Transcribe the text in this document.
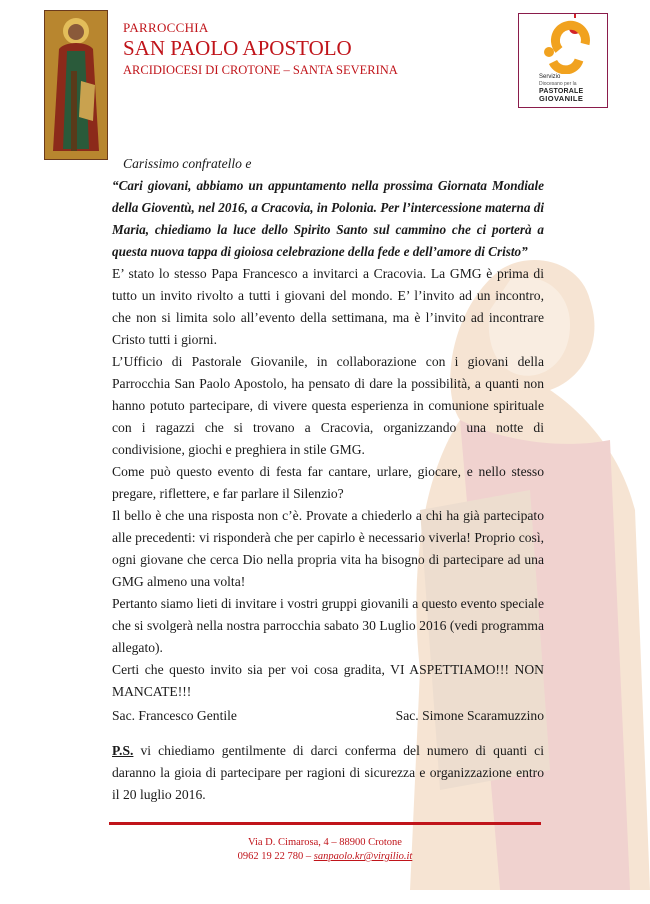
PARROCCHIA
SAN PAOLO APOSTOLO
ARCIDIOCESI DI CROTONE – SANTA SEVERINA	Servizio
Diocesano per la
PASTORALE
GIOVANILE
Carissimo confratello e
“Cari giovani, abbiamo un appuntamento nella prossima Giornata Mondiale della Gioventù, nel 2016, a Cracovia, in Polonia. Per l’intercessione materna di Maria, chiediamo la luce dello Spirito Santo sul cammino che ci porterà a questa nuova tappa di gioiosa celebrazione della fede e dell’amore di Cristo”
E’ stato lo stesso Papa Francesco a invitarci a Cracovia. La GMG è prima di tutto un invito rivolto a tutti i giovani del mondo. E’ l’invito ad un incontro, che non si limita solo all’evento della settimana, ma è l’invito ad incontrare Cristo tutti i giorni.
L’Ufficio di Pastorale Giovanile, in collaborazione con i giovani della Parrocchia San Paolo Apostolo, ha pensato di dare la possibilità, a quanti non hanno potuto partecipare, di vivere questa esperienza in comunione spirituale con i ragazzi che si trovano a Cracovia, organizzando una notte di condivisione, giochi e preghiera in stile GMG.
Come può questo evento di festa far cantare, urlare, giocare, e nello stesso pregare, riflettere, e far parlare il Silenzio?
Il bello è che una risposta non c’è. Provate a chiederlo a chi ha già partecipato alle precedenti: vi risponderà che per capirlo è necessario viverla! Proprio così, ogni giovane che cerca Dio nella propria vita ha bisogno di partecipare ad una GMG almeno una volta!
Pertanto siamo lieti di invitare i vostri gruppi giovanili a questo evento speciale che si svolgerà nella nostra parrocchia sabato 30 Luglio 2016 (vedi programma allegato).
Certi che questo invito sia per voi cosa gradita, VI ASPETTIAMO!!! NON MANCATE!!!
Sac. Francesco Gentile	Sac. Simone Scaramuzzino
P.S. vi chiediamo gentilmente di darci conferma del numero di quanti ci daranno la gioia di partecipare per ragioni di sicurezza e organizzazione entro il 20 luglio 2016.
Via D. Cimarosa, 4 – 88900 Crotone
0962 19 22 780 – sanpaolo.kr@virgilio.it
